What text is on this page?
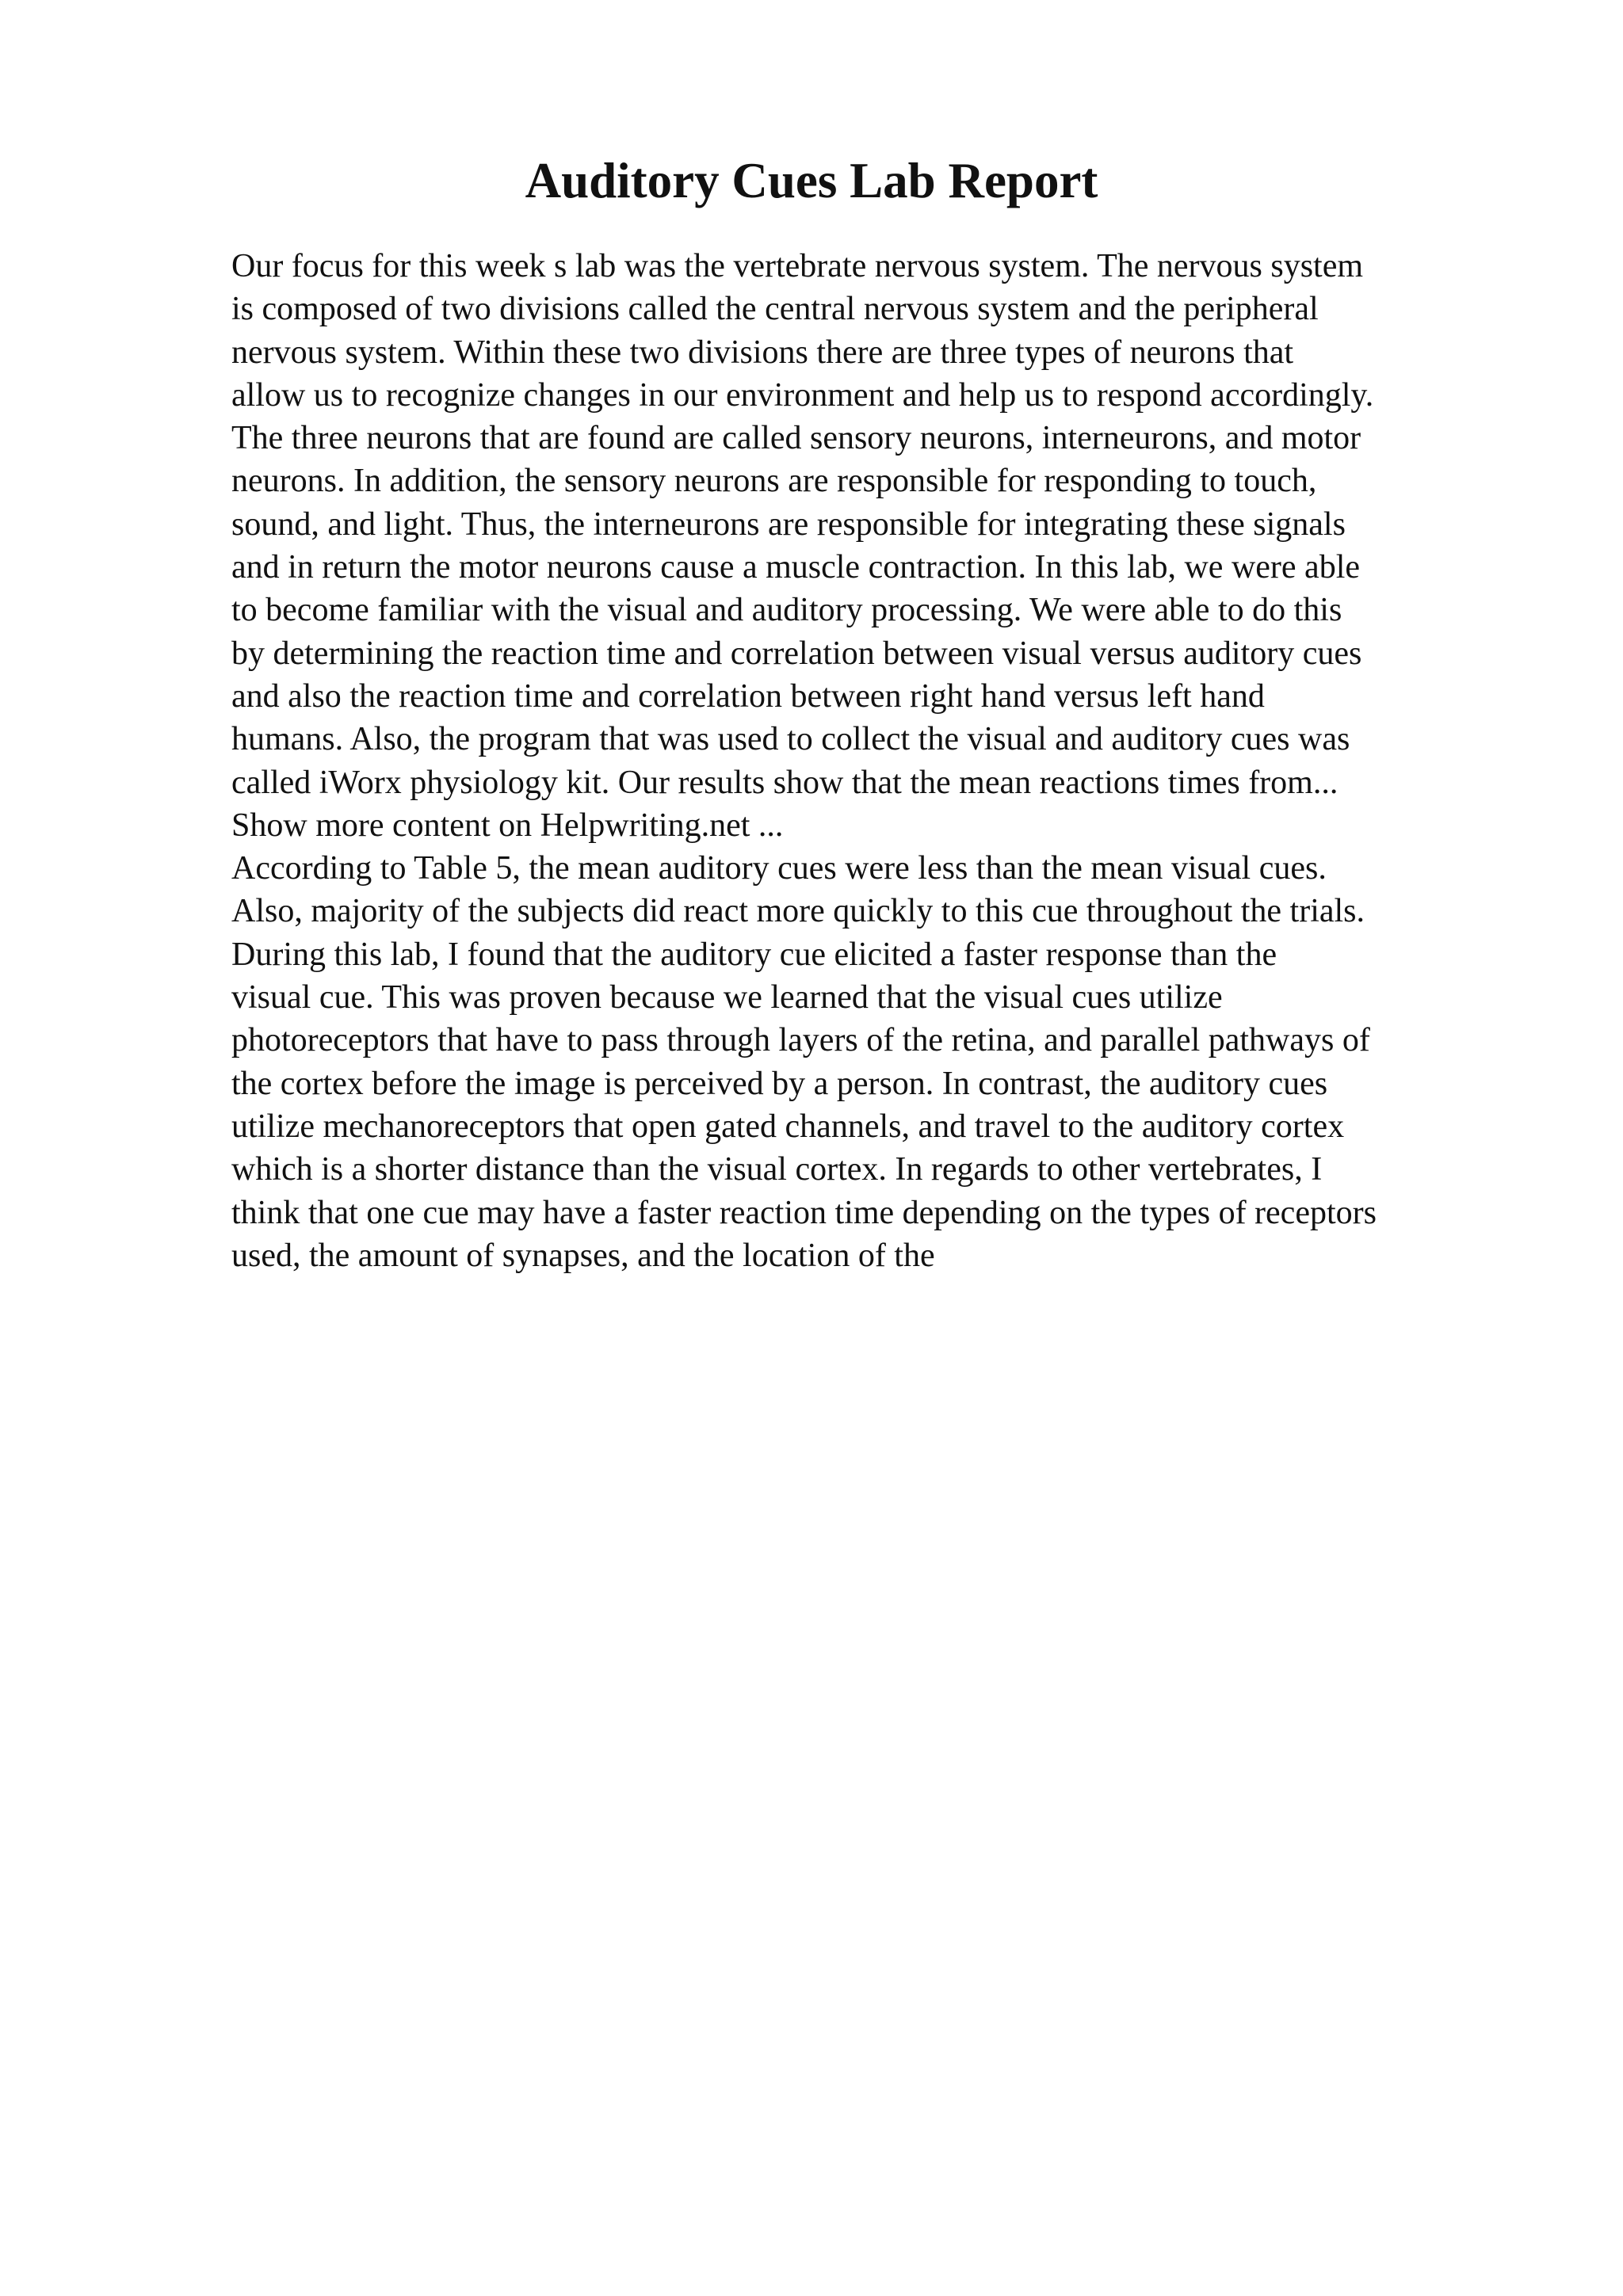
Auditory Cues Lab Report
Our focus for this week s lab was the vertebrate nervous system. The nervous system
is composed of two divisions called the central nervous system and the peripheral
nervous system. Within these two divisions there are three types of neurons that
allow us to recognize changes in our environment and help us to respond accordingly.
The three neurons that are found are called sensory neurons, interneurons, and motor
neurons. In addition, the sensory neurons are responsible for responding to touch,
sound, and light. Thus, the interneurons are responsible for integrating these signals
and in return the motor neurons cause a muscle contraction. In this lab, we were able
to become familiar with the visual and auditory processing. We were able to do this
by determining the reaction time and correlation between visual versus auditory cues
and also the reaction time and correlation between right hand versus left hand
humans. Also, the program that was used to collect the visual and auditory cues was
called iWorx physiology kit. Our results show that the mean reactions times from...
Show more content on Helpwriting.net ...
According to Table 5, the mean auditory cues were less than the mean visual cues.
Also, majority of the subjects did react more quickly to this cue throughout the trials.
During this lab, I found that the auditory cue elicited a faster response than the
visual cue. This was proven because we learned that the visual cues utilize
photoreceptors that have to pass through layers of the retina, and parallel pathways of
the cortex before the image is perceived by a person. In contrast, the auditory cues
utilize mechanoreceptors that open gated channels, and travel to the auditory cortex
which is a shorter distance than the visual cortex. In regards to other vertebrates, I
think that one cue may have a faster reaction time depending on the types of receptors
used, the amount of synapses, and the location of the
